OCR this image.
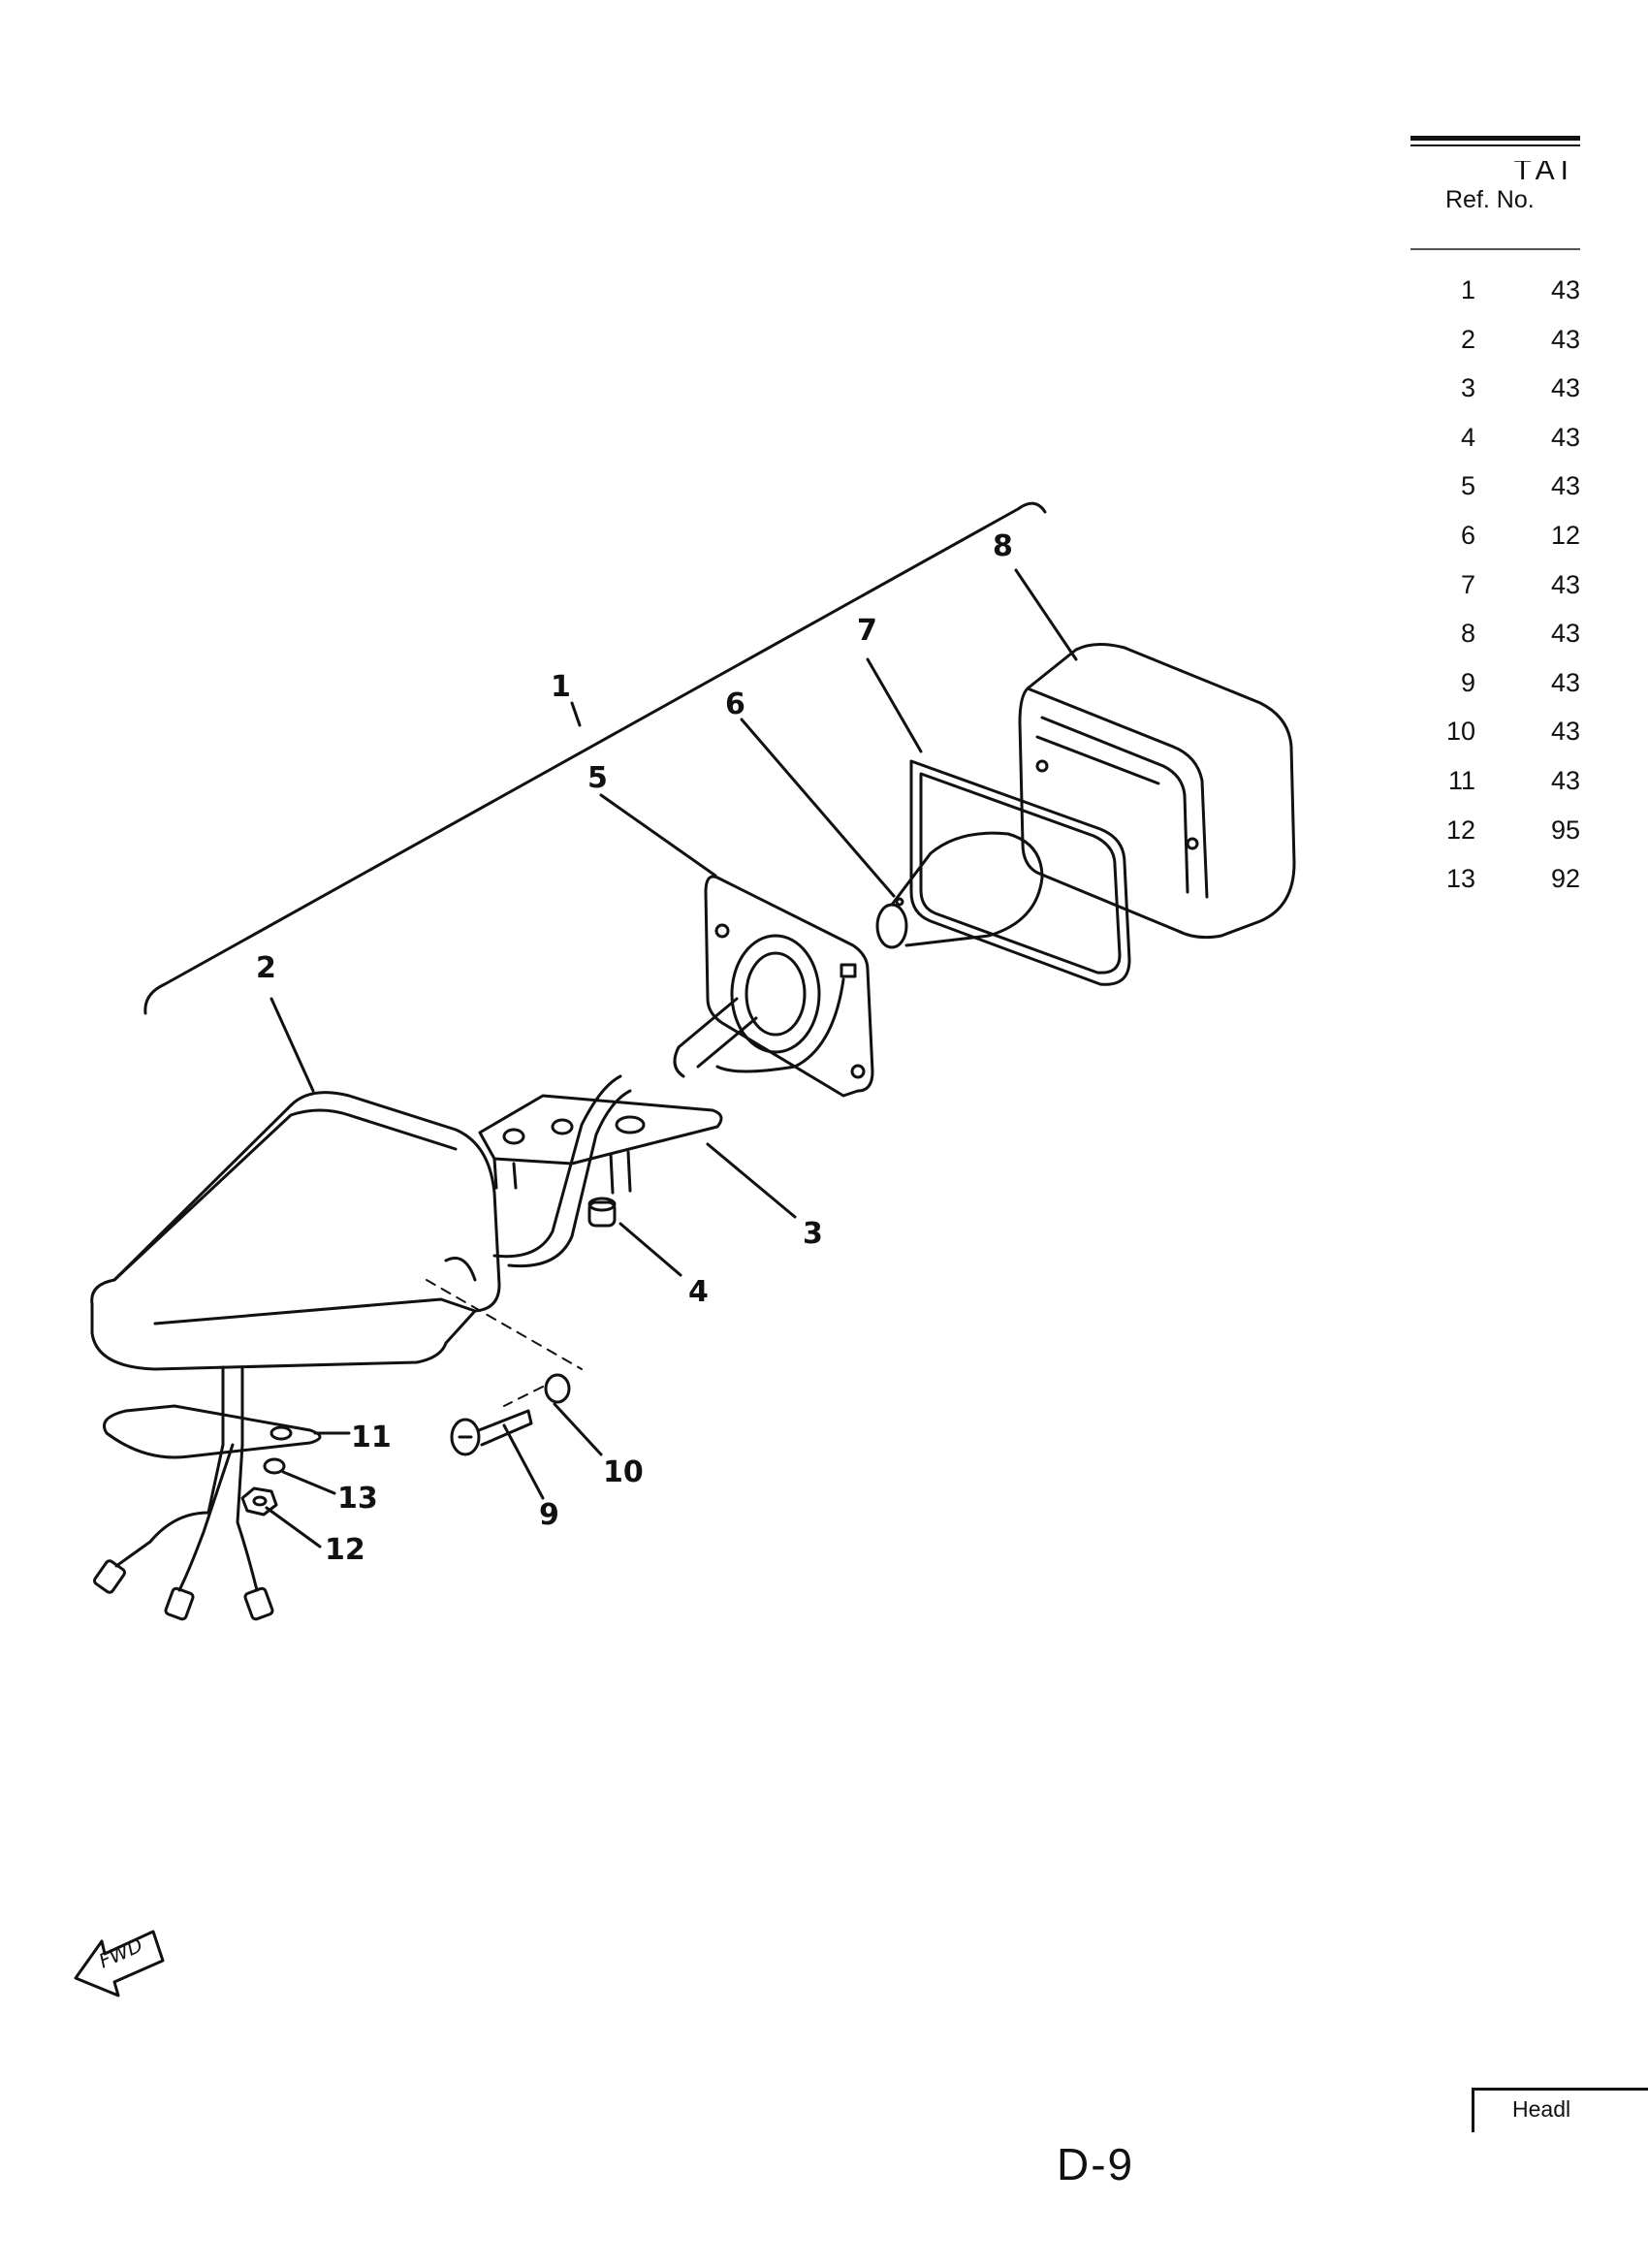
1
2
3
4
5
6
7
8
9
10
11
12
13
FWD
TAI
Ref. No.
1	43
2	43
3	43
4	43
5	43
6	12
7	43
8	43
9	43
10	43
11	43
12	95
13	92
Headl
D-9
